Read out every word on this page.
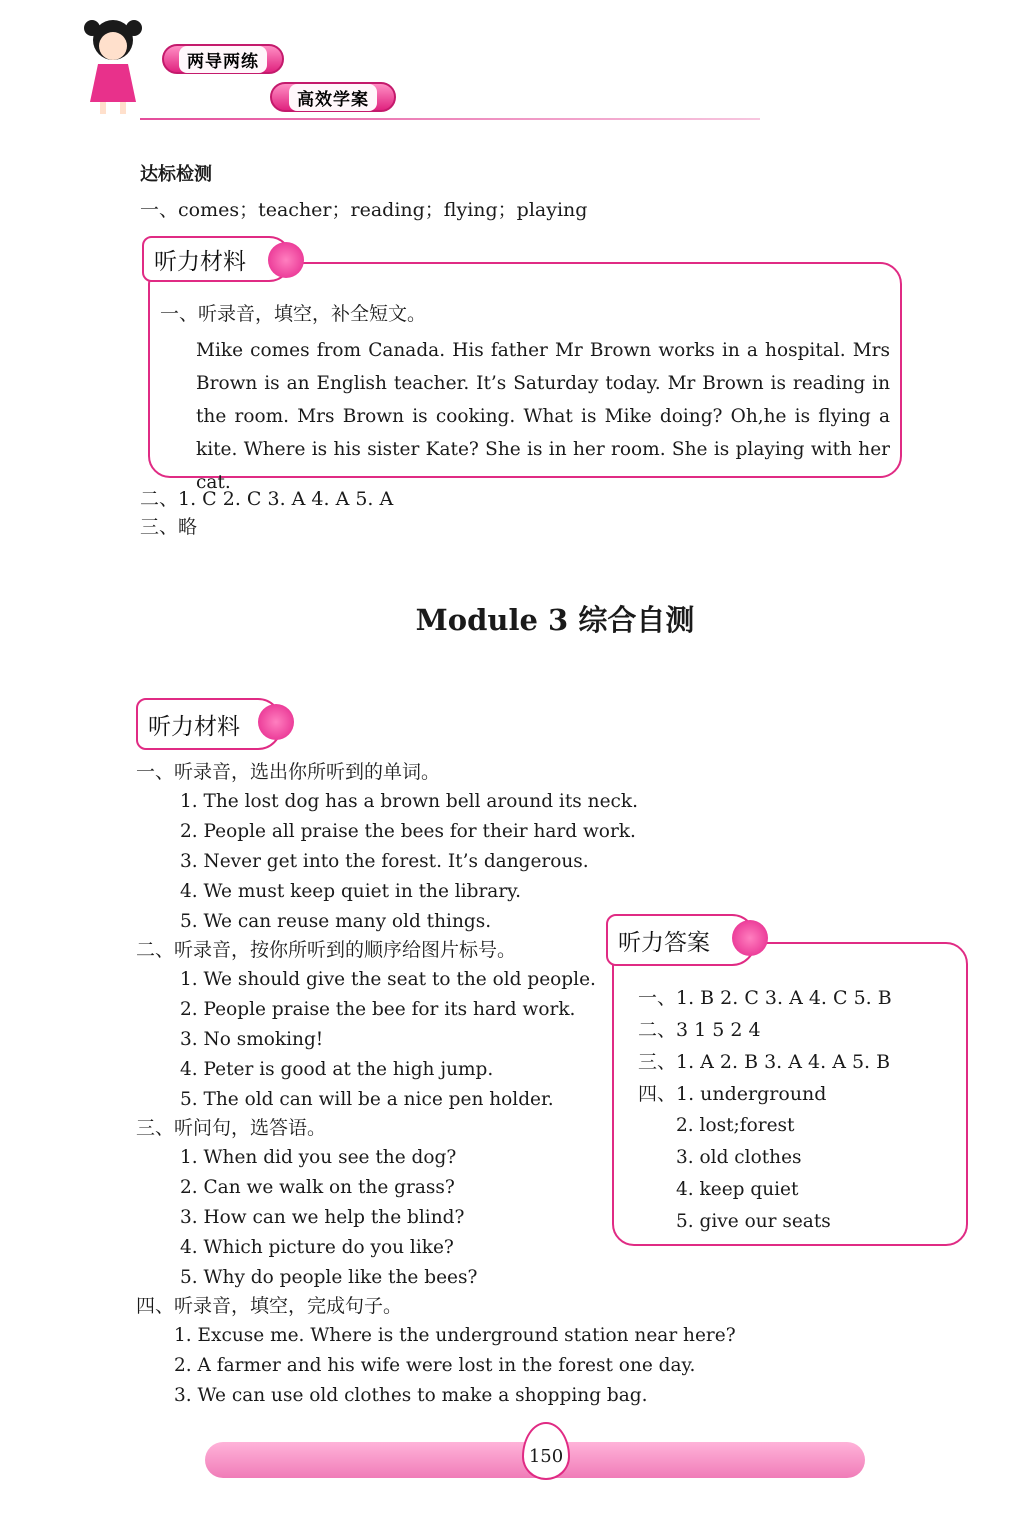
两导两练
高效学案
达标检测
一、comes；teacher；reading；flying；playing
听力材料
一、听录音，填空，补全短文。
Mike comes from Canada. His father Mr Brown works in a hospital. Mrs Brown is an English teacher. It’s Saturday today. Mr Brown is reading in the room. Mrs Brown is cooking. What is Mike doing? Oh,he is flying a kite. Where is his sister Kate? She is in her room. She is playing with her cat.
二、1. C 2. C 3. A 4. A 5. A
三、略
Module 3 综合自测
听力材料
一、听录音，选出你所听到的单词。
1. The lost dog has a brown bell around its neck.
2. People all praise the bees for their hard work.
3. Never get into the forest. It’s dangerous.
4. We must keep quiet in the library.
5. We can reuse many old things.
二、听录音，按你所听到的顺序给图片标号。
1. We should give the seat to the old people.
2. People praise the bee for its hard work.
3. No smoking!
4. Peter is good at the high jump.
5. The old can will be a nice pen holder.
三、听问句，选答语。
1. When did you see the dog?
2. Can we walk on the grass?
3. How can we help the blind?
4. Which picture do you like?
5. Why do people like the bees?
四、听录音，填空，完成句子。
1. Excuse me. Where is the underground station near here?
2. A farmer and his wife were lost in the forest one day.
3. We can use old clothes to make a shopping bag.
听力答案
一、1. B 2. C 3. A 4. C 5. B
二、3 1 5 2 4
三、1. A 2. B 3. A 4. A 5. B
四、1. underground
2. lost;forest
3. old clothes
4. keep quiet
5. give our seats
150
